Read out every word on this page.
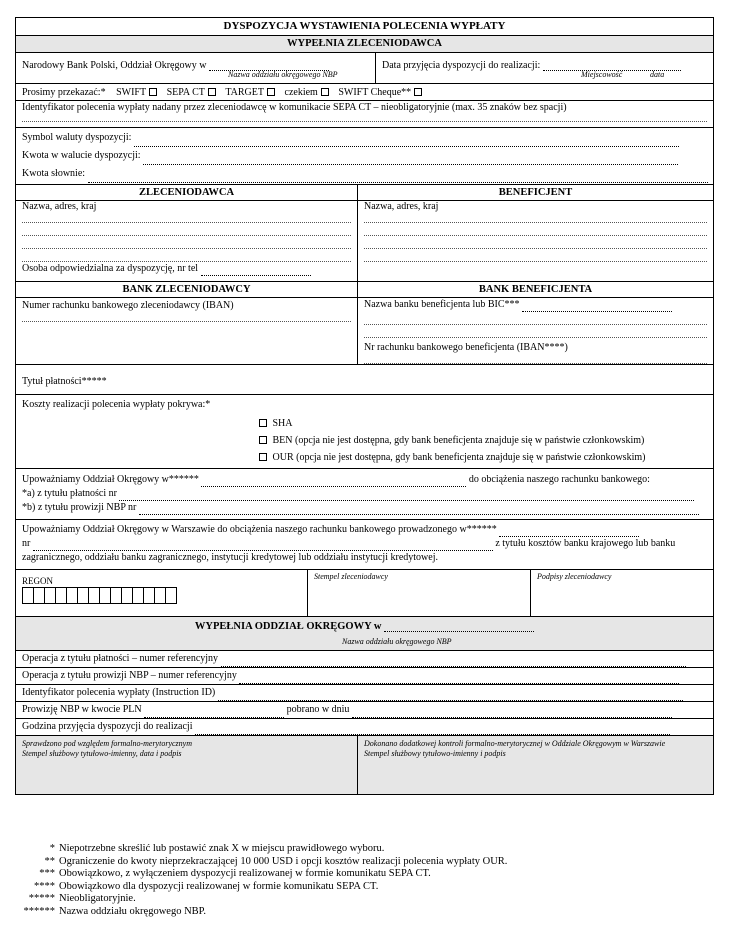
DYSPOZYCJA WYSTAWIENIA POLECENIA WYPŁATY
WYPEŁNIA ZLECENIODAWCA
Narodowy Bank Polski, Oddział Okręgowy w
Nazwa oddziału okręgowego NBP
Data przyjęcia dyspozycji do realizacji:
Miejscowość	data
Prosimy przekazać:* SWIFT SEPA CT TARGET czekiem SWIFT Cheque**
Identyfikator polecenia wypłaty nadany przez zleceniodawcę w komunikacie SEPA CT – nieobligatoryjnie (max. 35 znaków bez spacji)
Symbol waluty dyspozycji:
Kwota w walucie dyspozycji:
Kwota słownie:
ZLECENIODAWCA
Nazwa, adres, kraj
Osoba odpowiedzialna za dyspozycję, nr tel
BENEFICJENT
Nazwa, adres, kraj
BANK ZLECENIODAWCY
Numer rachunku bankowego zleceniodawcy (IBAN)
BANK BENEFICJENTA
Nazwa banku beneficjenta lub BIC***
Nr rachunku bankowego beneficjenta (IBAN****)
Tytuł płatności*****
Koszty realizacji polecenia wypłaty pokrywa:*
SHA
BEN (opcja nie jest dostępna, gdy bank beneficjenta znajduje się w państwie członkowskim)
OUR (opcja nie jest dostępna, gdy bank beneficjenta znajduje się w państwie członkowskim)
Upoważniamy Oddział Okręgowy w******	do obciążenia naszego rachunku bankowego:
*a) z tytułu płatności nr
*b) z tytułu prowizji NBP nr
Upoważniamy Oddział Okręgowy w Warszawie do obciążenia naszego rachunku bankowego prowadzonego w******
nr	z tytułu kosztów banku krajowego lub banku
zagranicznego, oddziału banku zagranicznego, instytucji kredytowej lub oddziału instytucji kredytowej.
REGON	Stempel zleceniodawcy	Podpisy zleceniodawcy
WYPEŁNIA ODDZIAŁ OKRĘGOWY w
Nazwa oddziału okręgowego NBP
Operacja z tytułu płatności – numer referencyjny
Operacja z tytułu prowizji NBP – numer referencyjny
Identyfikator polecenia wypłaty (Instruction ID)
Prowizję NBP w kwocie PLN	pobrano w dniu
Godzina przyjęcia dyspozycji do realizacji
Sprawdzono pod względem formalno-merytorycznym
Stempel służbowy tytułowo-imienny, data i podpis
Dokonano dodatkowej kontroli formalno-merytorycznej w Oddziale Okręgowym w Warszawie
Stempel służbowy tytułowo-imienny i podpis
* Niepotrzebne skreślić lub postawić znak X w miejscu prawidłowego wyboru.
** Ograniczenie do kwoty nieprzekraczającej 10 000 USD i opcji kosztów realizacji polecenia wypłaty OUR.
*** Obowiązkowo, z wyłączeniem dyspozycji realizowanej w formie komunikatu SEPA CT.
**** Obowiązkowo dla dyspozycji realizowanej w formie komunikatu SEPA CT.
***** Nieobligatoryjnie.
****** Nazwa oddziału okręgowego NBP.
